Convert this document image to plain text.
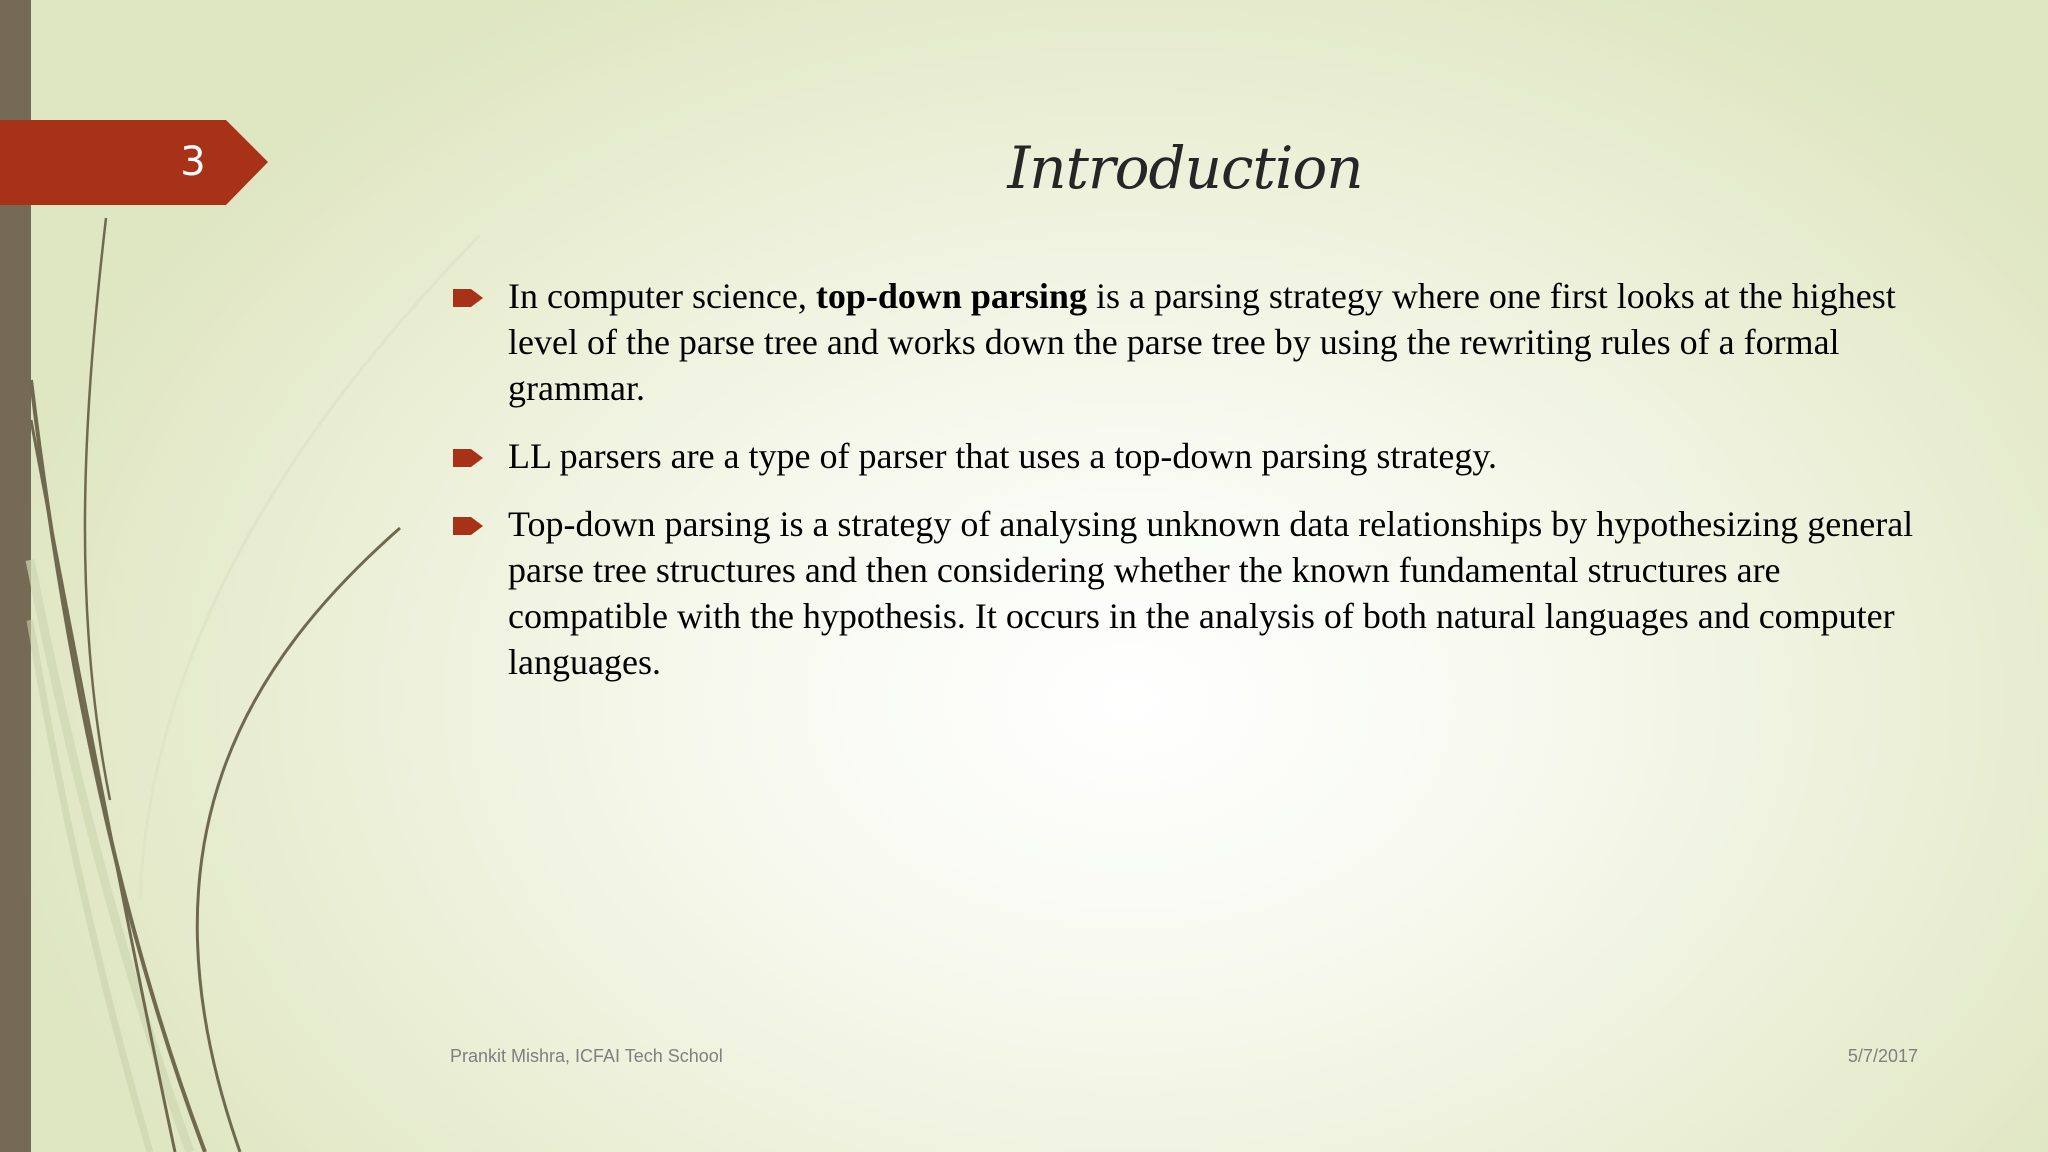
3	Introduction
In computer science, top-down parsing is a parsing strategy where one first looks at the highest level of the parse tree and works down the parse tree by using the rewriting rules of a formal grammar.
LL parsers are a type of parser that uses a top-down parsing strategy.
Top-down parsing is a strategy of analysing unknown data relationships by hypothesizing general parse tree structures and then considering whether the known fundamental structures are compatible with the hypothesis. It occurs in the analysis of both natural languages and computer languages.
Prankit Mishra, ICFAI Tech School	5/7/2017
